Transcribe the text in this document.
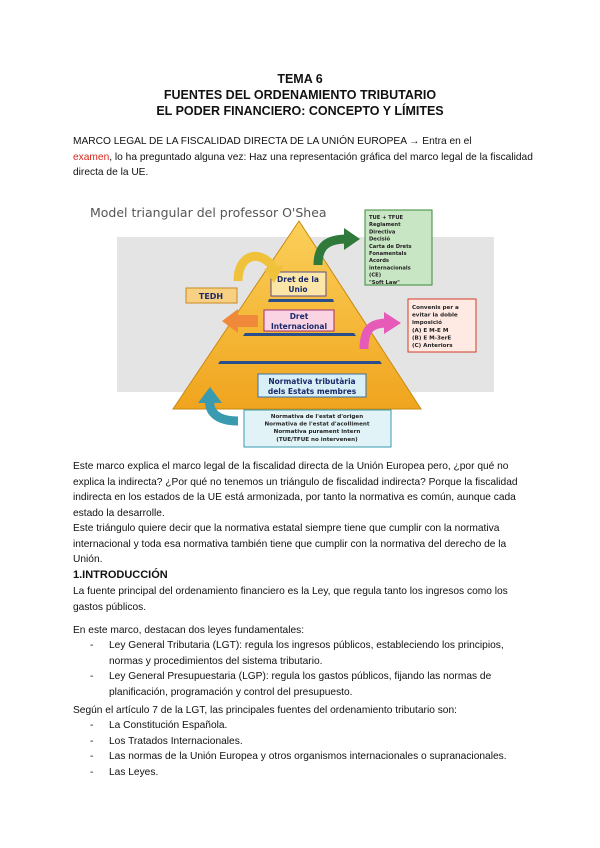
TEMA 6
FUENTES DEL ORDENAMIENTO TRIBUTARIO
EL PODER FINANCIERO: CONCEPTO Y LÍMITES

MARCO LEGAL DE LA FISCALIDAD DIRECTA DE LA UNIÓN EUROPEA → Entra en el
examen, lo ha preguntado alguna vez: Haz una representación gráfica del marco legal de la fiscalidad
directa de la UE.

Model triangular del professor O'Shea
Dret de la
Unio
Dret
Internacional
Normativa tributària
dels Estats membres
TEDH
TUE + TFUE
Reglament
Directiva
Decisió
Carta de Drets
Fonamentals
Acords
internacionals
(CE)
"Soft Law"
Convenis per a
evitar la doble
imposició
(A) E M-E M
(B) E M-3erE
(C) Anteriors
Normativa de l'estat d'origen
Normativa de l'estat d'acolliment
Normativa purament intern
(TUE/TFUE no intervenen)

Este marco explica el marco legal de la fiscalidad directa de la Unión Europea pero, ¿por qué no
explica la indirecta? ¿Por qué no tenemos un triángulo de fiscalidad indirecta? Porque la fiscalidad
indirecta en los estados de la UE está armonizada, por tanto la normativa es común, aunque cada
estado la desarrolle.

Este triángulo quiere decir que la normativa estatal siempre tiene que cumplir con la normativa
internacional y toda esa normativa también tiene que cumplir con la normativa del derecho de la
Unión.

1.INTRODUCCIÓN

La fuente principal del ordenamiento financiero es la Ley, que regula tanto los ingresos como los
gastos públicos.

En este marco, destacan dos leyes fundamentales:

- Ley General Tributaria (LGT): regula los ingresos públicos, estableciendo los principios,
normas y procedimientos del sistema tributario.
- Ley General Presupuestaria (LGP): regula los gastos públicos, fijando las normas de
planificación, programación y control del presupuesto.

Según el artículo 7 de la LGT, las principales fuentes del ordenamiento tributario son:

- La Constitución Española.
- Los Tratados Internacionales.
- Las normas de la Unión Europea y otros organismos internacionales o supranacionales.
- Las Leyes.
